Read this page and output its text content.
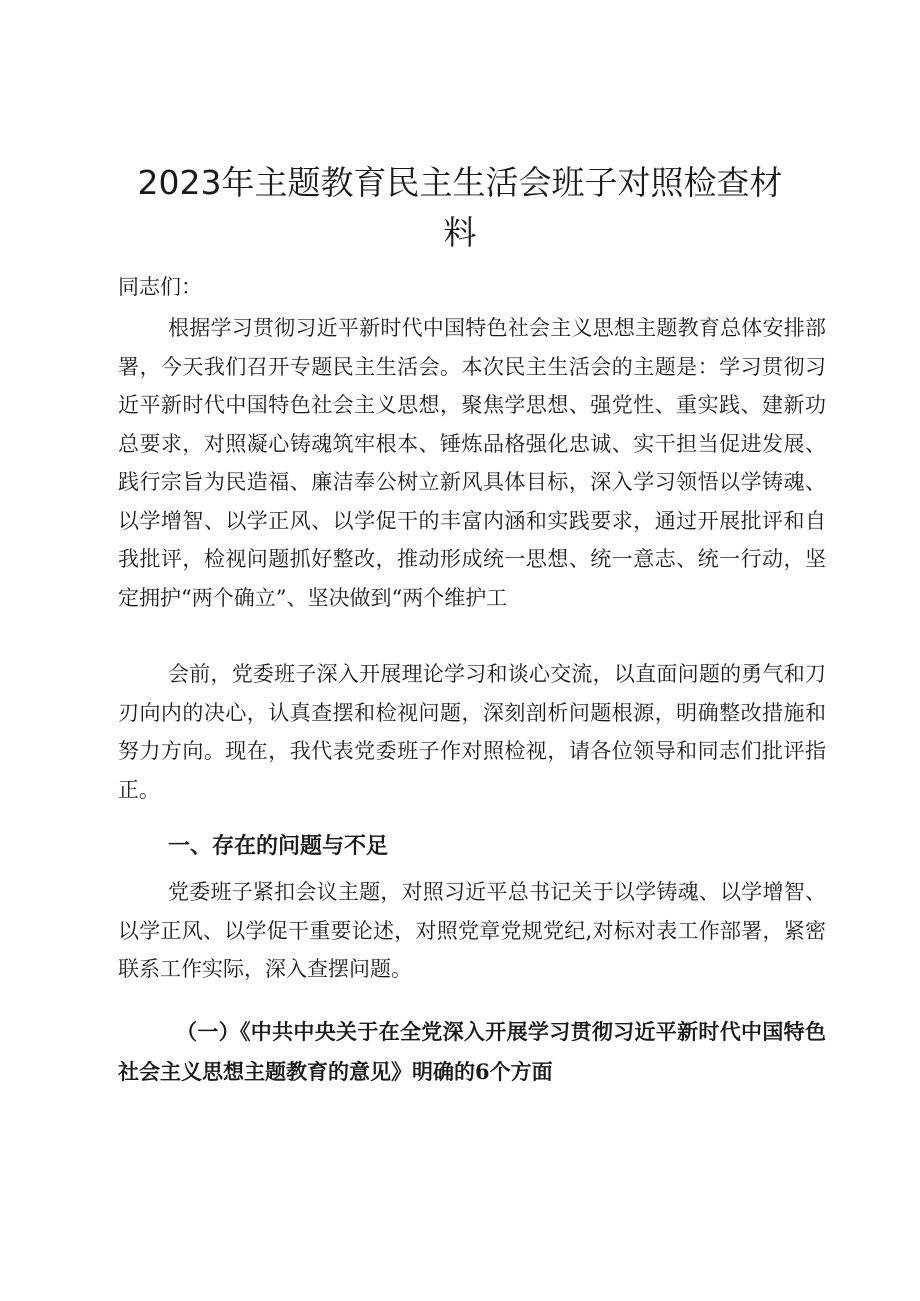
2023年主题教育民主生活会班子对照检查材
料

同志们：

根据学习贯彻习近平新时代中国特色社会主义思想主题教育总体安排部署，今天我们召开专题民主生活会。本次民主生活会的主题是：学习贯彻习近平新时代中国特色社会主义思想，聚焦学思想、强党性、重实践、建新功总要求，对照凝心铸魂筑牢根本、锤炼品格强化忠诚、实干担当促进发展、践行宗旨为民造福、廉洁奉公树立新风具体目标，深入学习领悟以学铸魂、以学增智、以学正风、以学促干的丰富内涵和实践要求，通过开展批评和自我批评，检视问题抓好整改，推动形成统一思想、统一意志、统一行动，坚定拥护“两个确立”、坚决做到“两个维护工

会前，党委班子深入开展理论学习和谈心交流，以直面问题的勇气和刀刃向内的决心，认真查摆和检视问题，深刻剖析问题根源，明确整改措施和努力方向。现在，我代表党委班子作对照检视，请各位领导和同志们批评指正。

一、存在的问题与不足

党委班子紧扣会议主题，对照习近平总书记关于以学铸魂、以学增智、以学正风、以学促干重要论述，对照党章党规党纪,对标对表工作部署，紧密联系工作实际，深入查摆问题。

（一）《中共中央关于在全党深入开展学习贯彻习近平新时代中国特色社会主义思想主题教育的意见》明确的6个方面
